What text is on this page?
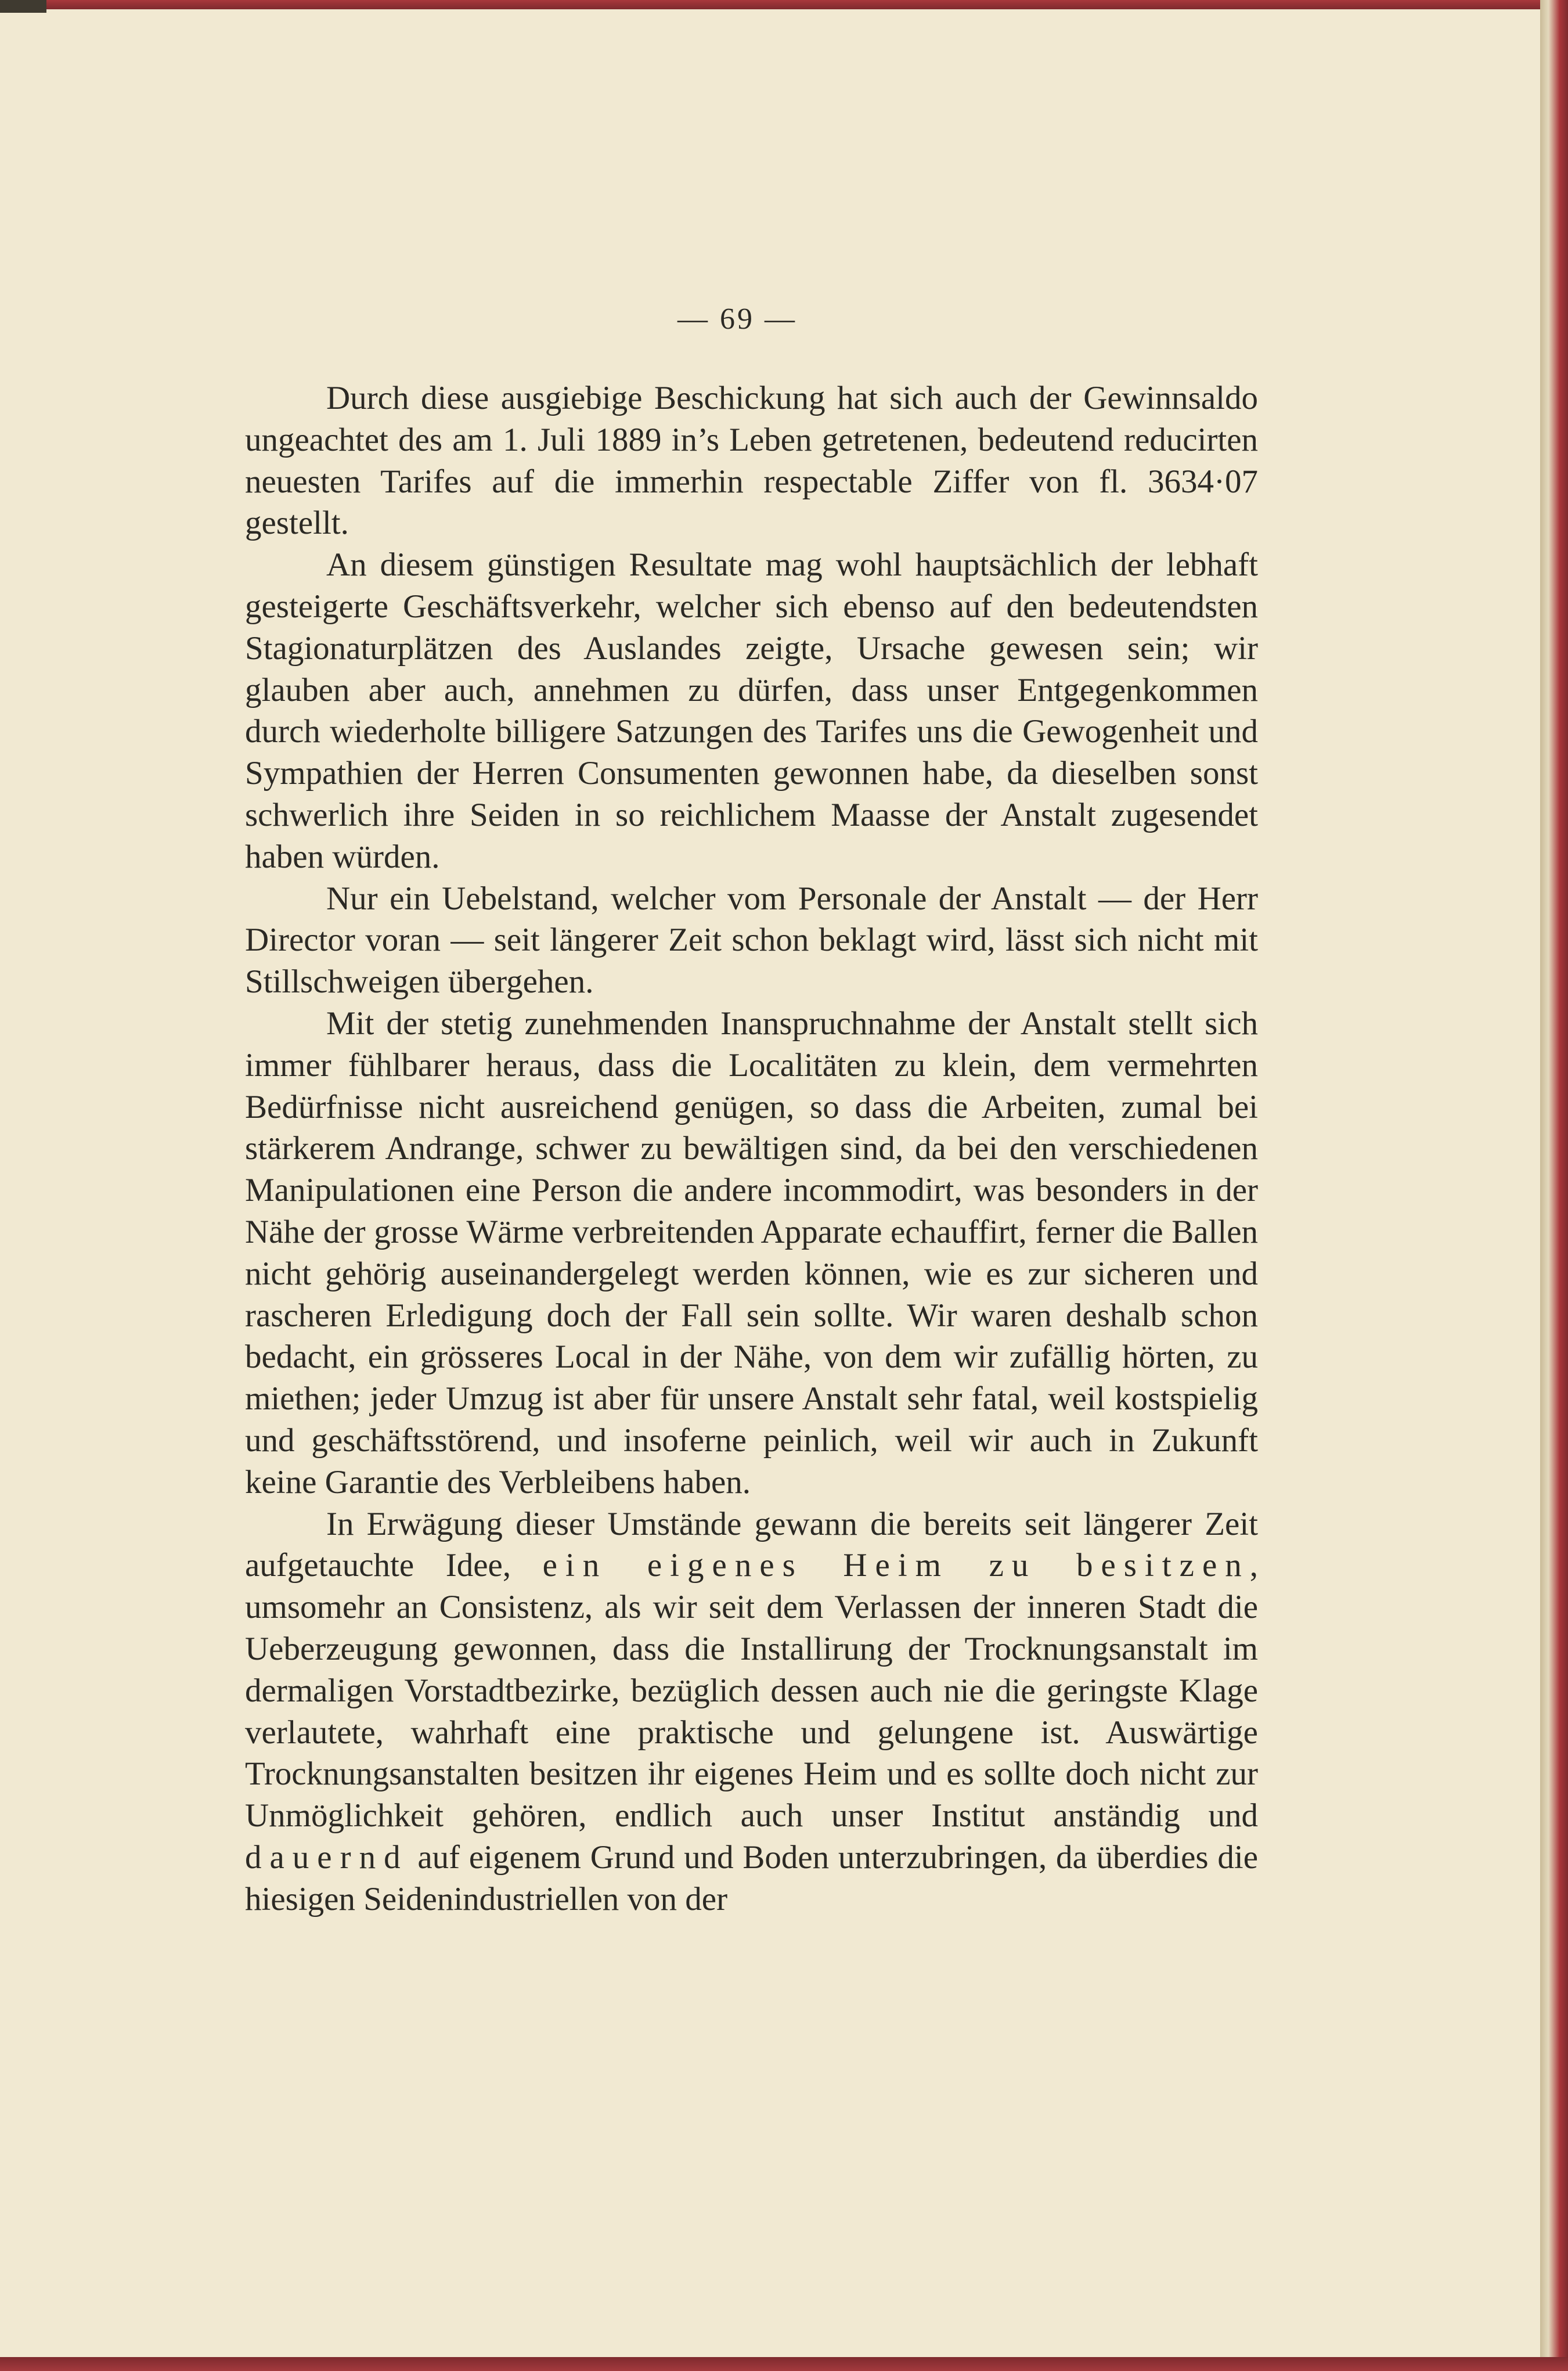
— 69 —

Durch diese ausgiebige Beschickung hat sich auch der Gewinnsaldo ungeachtet des am 1. Juli 1889 in’s Leben getretenen, bedeutend reducirten neuesten Tarifes auf die immerhin respectable Ziffer von fl. 3634·07 gestellt.

An diesem günstigen Resultate mag wohl hauptsächlich der lebhaft gesteigerte Geschäftsverkehr, welcher sich ebenso auf den bedeutendsten Stagionaturplätzen des Auslandes zeigte, Ursache gewesen sein; wir glauben aber auch, annehmen zu dürfen, dass unser Entgegenkommen durch wiederholte billigere Satzungen des Tarifes uns die Gewogenheit und Sympathien der Herren Consumenten gewonnen habe, da dieselben sonst schwerlich ihre Seiden in so reichlichem Maasse der Anstalt zugesendet haben würden.

Nur ein Uebelstand, welcher vom Personale der Anstalt — der Herr Director voran — seit längerer Zeit schon beklagt wird, lässt sich nicht mit Stillschweigen übergehen.

Mit der stetig zunehmenden Inanspruchnahme der Anstalt stellt sich immer fühlbarer heraus, dass die Localitäten zu klein, dem vermehrten Bedürfnisse nicht ausreichend genügen, so dass die Arbeiten, zumal bei stärkerem Andrange, schwer zu bewältigen sind, da bei den verschiedenen Manipulationen eine Person die andere incommodirt, was besonders in der Nähe der grosse Wärme verbreitenden Apparate echauffirt, ferner die Ballen nicht gehörig auseinandergelegt werden können, wie es zur sicheren und rascheren Erledigung doch der Fall sein sollte. Wir waren deshalb schon bedacht, ein grösseres Local in der Nähe, von dem wir zufällig hörten, zu miethen; jeder Umzug ist aber für unsere Anstalt sehr fatal, weil kostspielig und geschäftsstörend, und insoferne peinlich, weil wir auch in Zukunft keine Garantie des Verbleibens haben.

In Erwägung dieser Umstände gewann die bereits seit längerer Zeit aufgetauchte Idee, ein eigenes Heim zu besitzen, umsomehr an Consistenz, als wir seit dem Verlassen der inneren Stadt die Ueberzeugung gewonnen, dass die Installirung der Trocknungsanstalt im dermaligen Vorstadtbezirke, bezüglich dessen auch nie die geringste Klage verlautete, wahrhaft eine praktische und gelungene ist. Auswärtige Trocknungsanstalten besitzen ihr eigenes Heim und es sollte doch nicht zur Unmöglichkeit gehören, endlich auch unser Institut anständig und dauernd auf eigenem Grund und Boden unterzubringen, da überdies die hiesigen Seidenindustriellen von der
